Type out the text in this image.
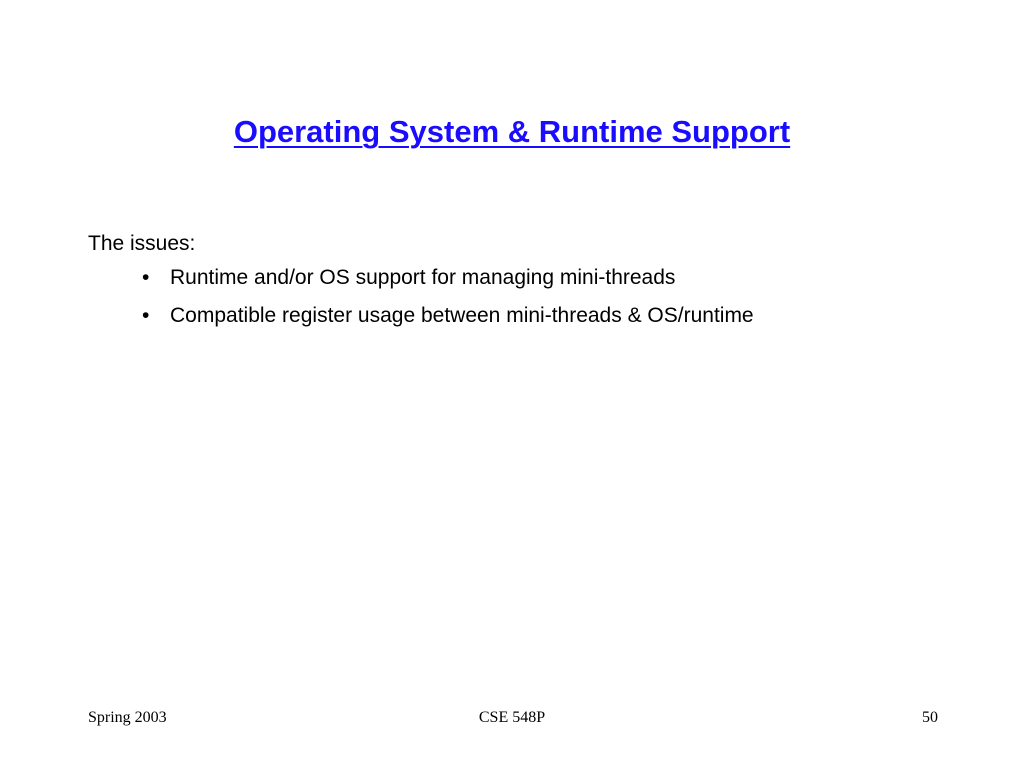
Operating System & Runtime Support
The issues:
• Runtime and/or OS support for managing mini-threads
• Compatible register usage between mini-threads & OS/runtime
Spring 2003	CSE 548P	50
